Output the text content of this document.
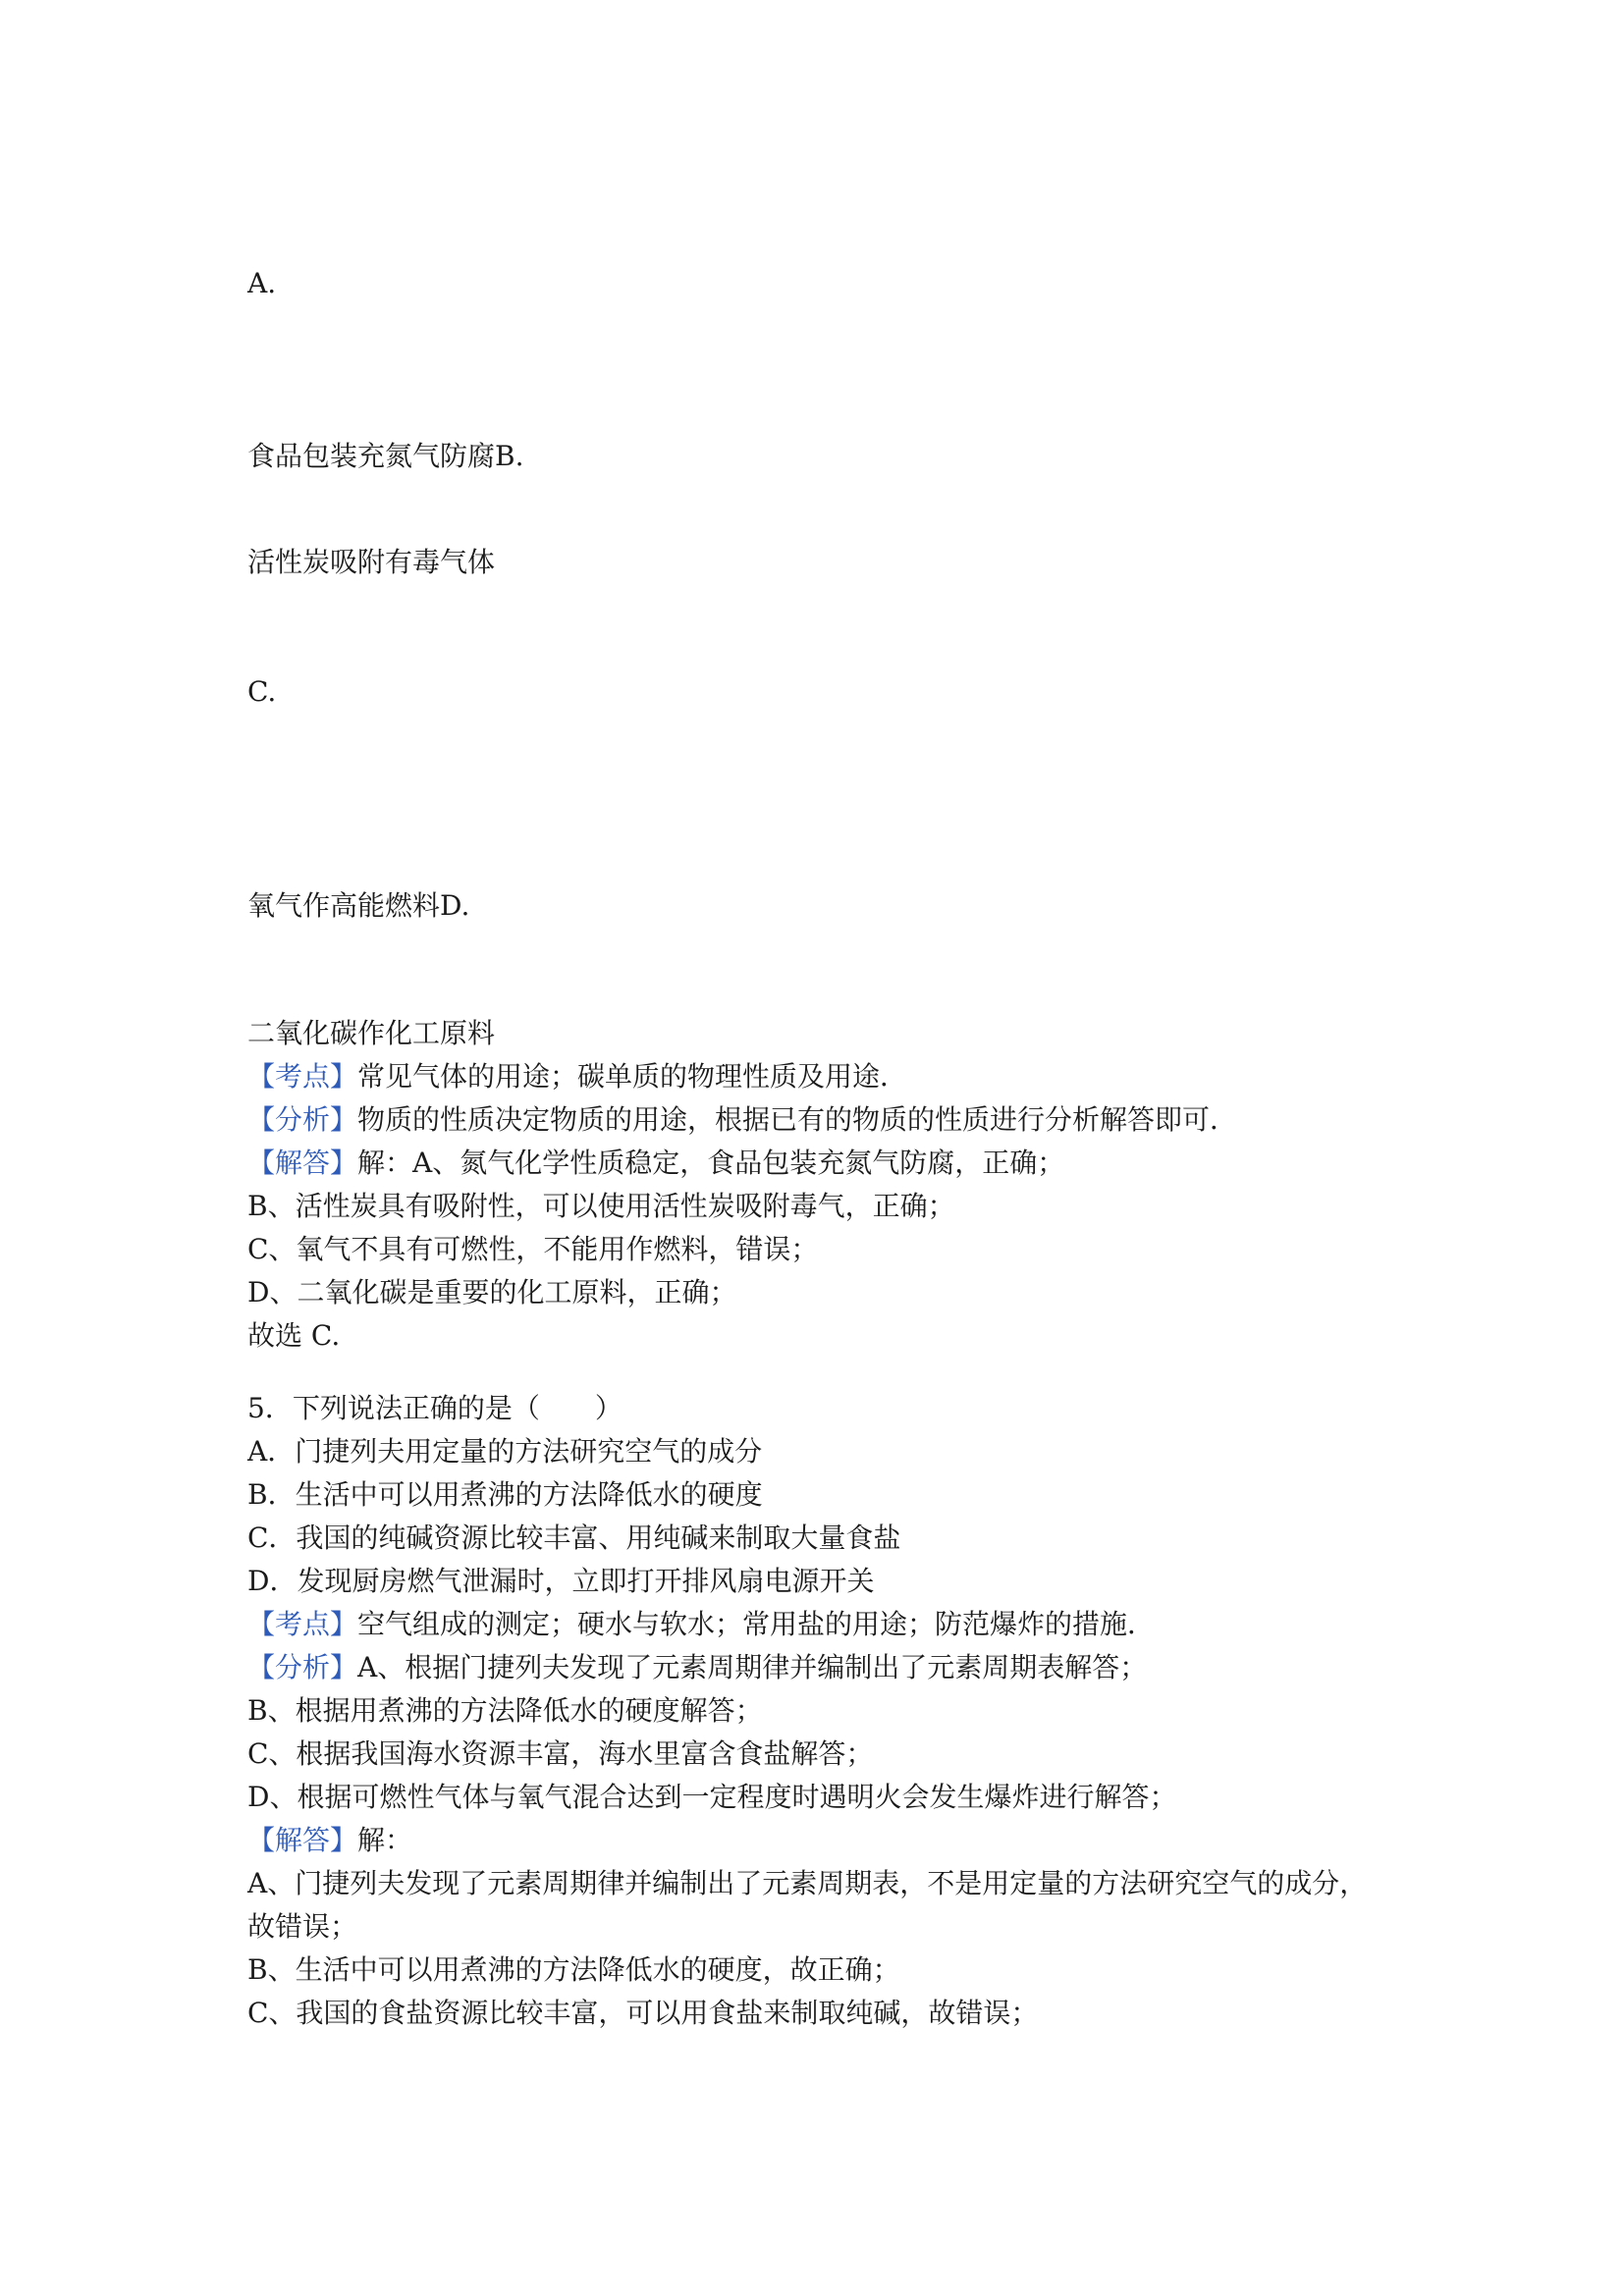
A.
食品包装充氮气防腐B.
活性炭吸附有毒气体
C.
氧气作高能燃料D.
二氧化碳作化工原料
【考点】常见气体的用途；碳单质的物理性质及用途．
【分析】物质的性质决定物质的用途，根据已有的物质的性质进行分析解答即可．
【解答】解：A、氮气化学性质稳定，食品包装充氮气防腐，正确；
B、活性炭具有吸附性，可以使用活性炭吸附毒气，正确；
C、氧气不具有可燃性，不能用作燃料，错误；
D、二氧化碳是重要的化工原料，正确；
故选 C.
5．下列说法正确的是（　　）
A．门捷列夫用定量的方法研究空气的成分
B．生活中可以用煮沸的方法降低水的硬度
C．我国的纯碱资源比较丰富、用纯碱来制取大量食盐
D．发现厨房燃气泄漏时，立即打开排风扇电源开关
【考点】空气组成的测定；硬水与软水；常用盐的用途；防范爆炸的措施．
【分析】A、根据门捷列夫发现了元素周期律并编制出了元素周期表解答；
B、根据用煮沸的方法降低水的硬度解答；
C、根据我国海水资源丰富，海水里富含食盐解答；
D、根据可燃性气体与氧气混合达到一定程度时遇明火会发生爆炸进行解答；
【解答】解：
A、门捷列夫发现了元素周期律并编制出了元素周期表，不是用定量的方法研究空气的成分，
故错误；
B、生活中可以用煮沸的方法降低水的硬度，故正确；
C、我国的食盐资源比较丰富，可以用食盐来制取纯碱，故错误；
